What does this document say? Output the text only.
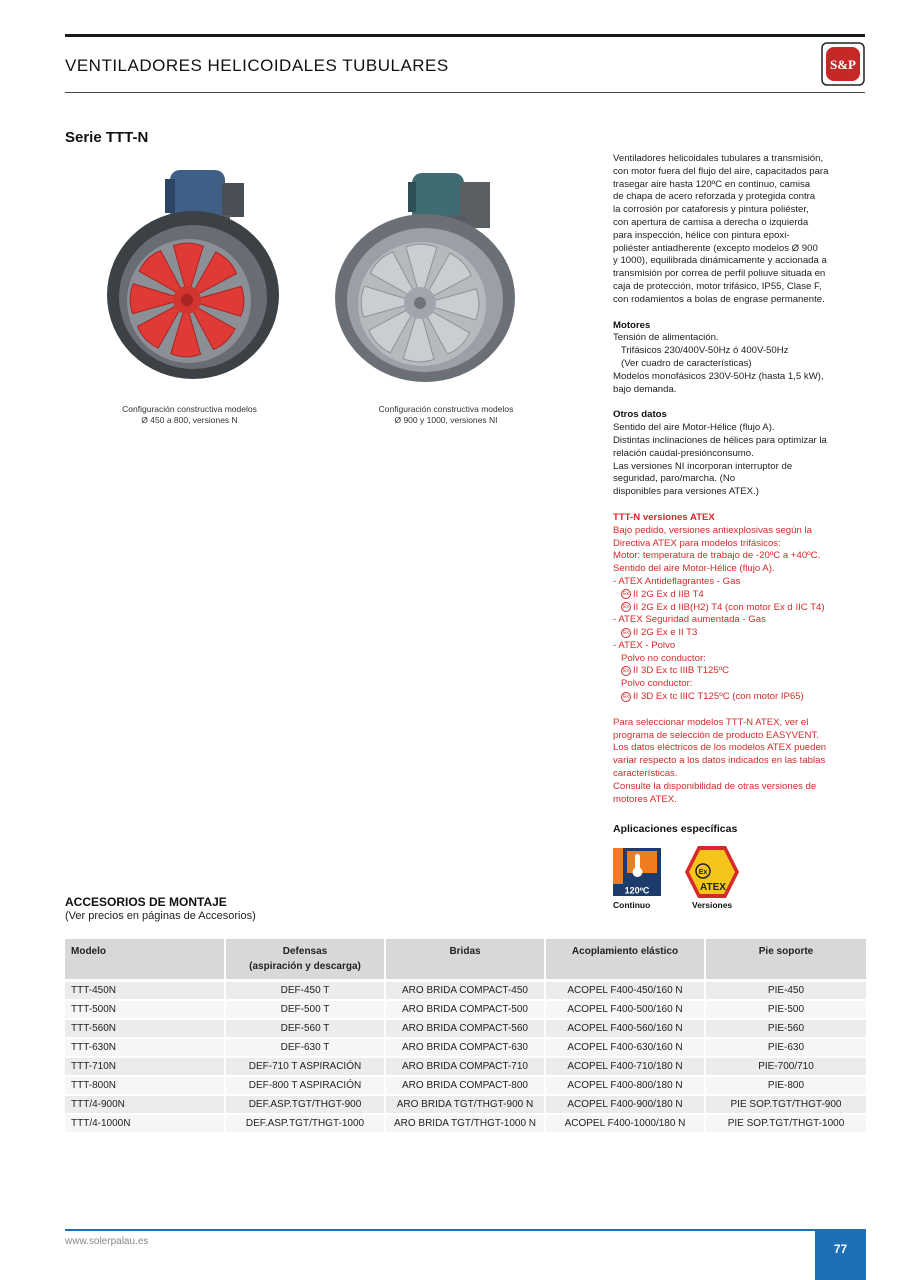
VENTILADORES HELICOIDALES TUBULARES	S&P
Serie TTT-N
Configuración constructiva modelos
Ø 450 a 800, versiones N
Configuración constructiva modelos
Ø 900 y 1000, versiones NI

Ventiladores helicoidales tubulares a transmisión,

con motor fuera del flujo del aire, capacitados para

trasegar aire hasta 120ºC en continuo, camisa

de chapa de acero reforzada y protegida contra

la corrosión por cataforesis y pintura poliéster,

con apertura de camisa a derecha o izquierda

para inspección, hélice con pintura epoxi-

poliéster antiadherente (excepto modelos Ø 900

y 1000), equilibrada dinámicamente y accionada a

transmisión por correa de perfil poliuve situada en

caja de protección, motor trifásico, IP55, Clase F,

con rodamientos a bolas de engrase permanente.

Motores

Tensión de alimentación.

Trifásicos 230/400V-50Hz ó 400V-50Hz

(Ver cuadro de características)

Modelos monofásicos 230V-50Hz (hasta 1,5 kW),

bajo demanda.

Otros datos

Sentido del aire Motor-Hélice (flujo A).

Distintas inclinaciones de hélices para optimizar la

relación caudal-presiónconsumo.

Las versiones NI incorporan interruptor de

seguridad, paro/marcha. (No

disponibles para versiones ATEX.)

TTT-N versiones ATEX

Bajo pedido, versiones antiexplosivas según la

Directiva ATEX para modelos trifásicos:

Motor: temperatura de trabajo de -20ºC a +40ºC.

Sentido del aire Motor-Hélice (flujo A).

- ATEX Antideflagrantes - Gas

Ex II 2G Ex d IIB T4

Ex II 2G Ex d IIB(H2) T4 (con motor Ex d IIC T4)

- ATEX Seguridad aumentada - Gas

Ex II 2G Ex e II T3

- ATEX - Polvo

Polvo no conductor:

Ex II 3D Ex tc IIIB T125ºC

Polvo conductor:

Ex II 3D Ex tc IIIC T125ºC (con motor IP65)

Para seleccionar modelos TTT-N ATEX, ver el

programa de selección de producto EASYVENT.

Los datos eléctricos de los modelos ATEX pueden

variar respecto a los datos indicados en las tablas

características.

Consulte la disponibilidad de otras versiones de

motores ATEX.

Aplicaciones específicas
120ºC
Continuo
Ex
ATEX
Versiones
ACCESORIOS DE MONTAJE
(Ver precios en páginas de Accesorios)
Modelo	Defensas
(aspiración y descarga)	Bridas	Acoplamiento elástico	Pie soporte
TTT-450N	DEF-450 T	ARO BRIDA COMPACT-450	ACOPEL F400-450/160 N	PIE-450
TTT-500N	DEF-500 T	ARO BRIDA COMPACT-500	ACOPEL F400-500/160 N	PIE-500
TTT-560N	DEF-560 T	ARO BRIDA COMPACT-560	ACOPEL F400-560/160 N	PIE-560
TTT-630N	DEF-630 T	ARO BRIDA COMPACT-630	ACOPEL F400-630/160 N	PIE-630
TTT-710N	DEF-710 T ASPIRACIÓN	ARO BRIDA COMPACT-710	ACOPEL F400-710/180 N	PIE-700/710
TTT-800N	DEF-800 T ASPIRACIÓN	ARO BRIDA COMPACT-800	ACOPEL F400-800/180 N	PIE-800
TTT/4-900N	DEF.ASP.TGT/THGT-900	ARO BRIDA TGT/THGT-900 N	ACOPEL F400-900/180 N	PIE SOP.TGT/THGT-900
TTT/4-1000N	DEF.ASP.TGT/THGT-1000	ARO BRIDA TGT/THGT-1000 N	ACOPEL F400-1000/180 N	PIE SOP.TGT/THGT-1000
www.solerpalau.es
77
